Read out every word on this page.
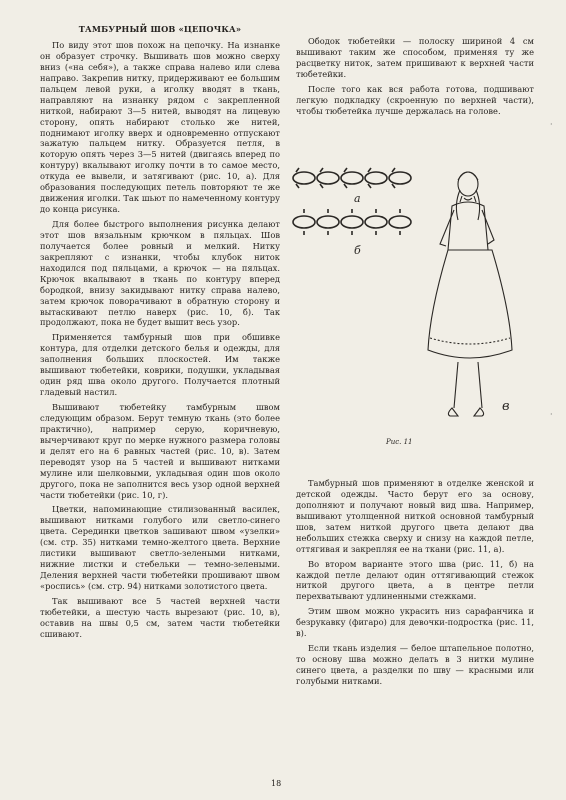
ТАМБУРНЫЙ ШОВ «ЦЕПОЧКА»

По виду этот шов похож на цепочку. На изнанке он образует строчку. Вышивать шов можно сверху вниз («на себя»), а также справа налево или слева направо. Закрепив нитку, придерживают ее большим пальцем левой руки, а иголку вводят в ткань, направляют на изнанку рядом с закрепленной ниткой, набирают 3—5 нитей, выводят на лицевую сторону, опять набирают столько же нитей, поднимают иголку вверх и одновременно отпускают зажатую пальцем нитку. Образуется петля, в которую опять через 3—5 нитей (двигаясь вперед по контуру) вкалывают иголку почти в то самое место, откуда ее вывели, и затягивают (рис. 10, а). Для образования последующих петель повторяют те же движения иголки. Так шьют по намеченному контуру до конца рисунка.

Для более быстрого выполнения рисунка делают этот шов вязальным крючком в пяльцах. Шов получается более ровный и мелкий. Нитку закрепляют с изнанки, чтобы клубок ниток находился под пяльцами, а крючок — на пяльцах. Крючок вкалывают в ткань по контуру вперед бородкой, внизу закидывают нитку справа налево, затем крючок поворачивают в обратную сторону и вытаскивают петлю наверх (рис. 10, б). Так продолжают, пока не будет вышит весь узор.

Применяется тамбурный шов при обшивке контура, для отделки детского белья и одежды, для заполнения больших плоскостей. Им также вышивают тюбетейки, коврики, подушки, укладывая один ряд шва около другого. Получается плотный гладевый настил.

Вышивают тюбетейку тамбурным швом следующим образом. Берут темную ткань (это более практично), например серую, коричневую, вычерчивают круг по мерке нужного размера головы и делят его на 6 равных частей (рис. 10, в). Затем переводят узор на 5 частей и вышивают нитками мулине или шелковыми, укладывая один шов около другого, пока не заполнится весь узор одной верхней части тюбетейки (рис. 10, г).

Цветки, напоминающие стилизованный василек, вышивают нитками голубого или светло-синего цвета. Серединки цветков зашивают швом «узелки» (см. стр. 35) нитками темно-желтого цвета. Верхние листики вышивают светло-зелеными нитками, нижние листки и стебельки — темно-зелеными. Деления верхней части тюбетейки прошивают швом «роспись» (см. стр. 94) нитками золотистого цвета.

Так вышивают все 5 частей верхней части тюбетейки, а шестую часть вырезают (рис. 10, в), оставив на швы 0,5 см, затем части тюбетейки сшивают.

Ободок тюбетейки — полоску шириной 4 см вышивают таким же способом, применяя ту же расцветку ниток, затем пришивают к верхней части тюбетейки.

После того как вся работа готова, подшивают легкую подкладку (скроенную по верхней части), чтобы тюбетейка лучше держалась на голове.

а
б
в
Рис. 11

Тамбурный шов применяют в отделке женской и детской одежды. Часто берут его за основу, дополняют и получают новый вид шва. Например, вышивают утолщенной ниткой основной тамбурный шов, затем ниткой другого цвета делают два небольших стежка сверху и снизу на каждой петле, оттягивая и закрепляя ее на ткани (рис. 11, а).

Во втором варианте этого шва (рис. 11, б) на каждой петле делают один оттягивающий стежок ниткой другого цвета, а в центре петли перехватывают удлиненными стежками.

Этим швом можно украсить низ сарафанчика и безрукавку (фигаро) для девочки-подростка (рис. 11, в).

Если ткань изделия — белое штапельное полотно, то основу шва можно делать в 3 нитки мулине синего цвета, а разделки по шву — красными или голубыми нитками.

18
·
·
